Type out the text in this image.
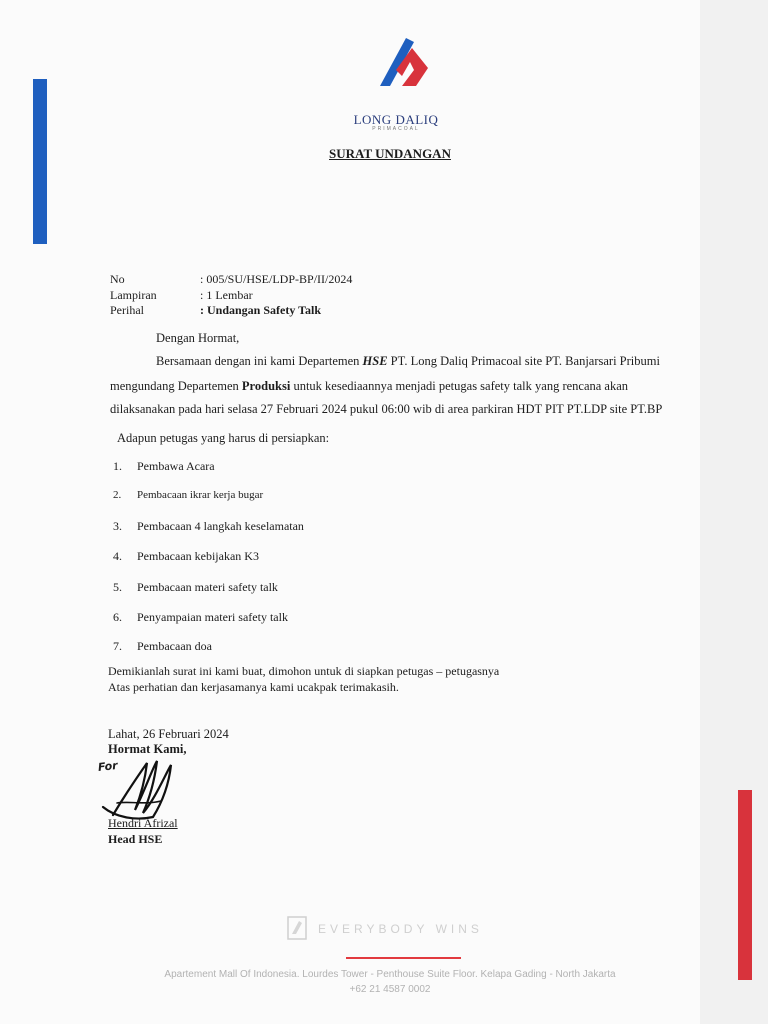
LONG DALIQ
PRIMACOAL
SURAT UNDANGAN
No	: 005/SU/HSE/LDP-BP/II/2024
Lampiran	: 1 Lembar
Perihal	: Undangan Safety Talk
Dengan Hormat,
Bersamaan dengan ini kami Departemen HSE PT. Long Daliq Primacoal site PT. Banjarsari Pribumi
mengundang Departemen Produksi untuk kesediaannya menjadi petugas safety talk yang rencana akan
dilaksanakan pada hari selasa 27 Februari 2024 pukul 06:00 wib di area parkiran HDT PIT PT.LDP site PT.BP
Adapun petugas yang harus di persiapkan:
1. Pembawa Acara
2. Pembacaan ikrar kerja bugar
3. Pembacaan 4 langkah keselamatan
4. Pembacaan kebijakan K3
5. Pembacaan materi safety talk
6. Penyampaian materi safety talk
7. Pembacaan doa
Demikianlah surat ini kami buat, dimohon untuk di siapkan petugas – petugasnya
Atas perhatian dan kerjasamanya kami ucakpak terimakasih.
Lahat, 26 Februari 2024
Hormat Kami,
For
Hendri Afrizal
Head HSE
EVERYBODY WINS
Apartement Mall Of Indonesia. Lourdes Tower - Penthouse Suite Floor. Kelapa Gading - North Jakarta
+62 21 4587 0002
